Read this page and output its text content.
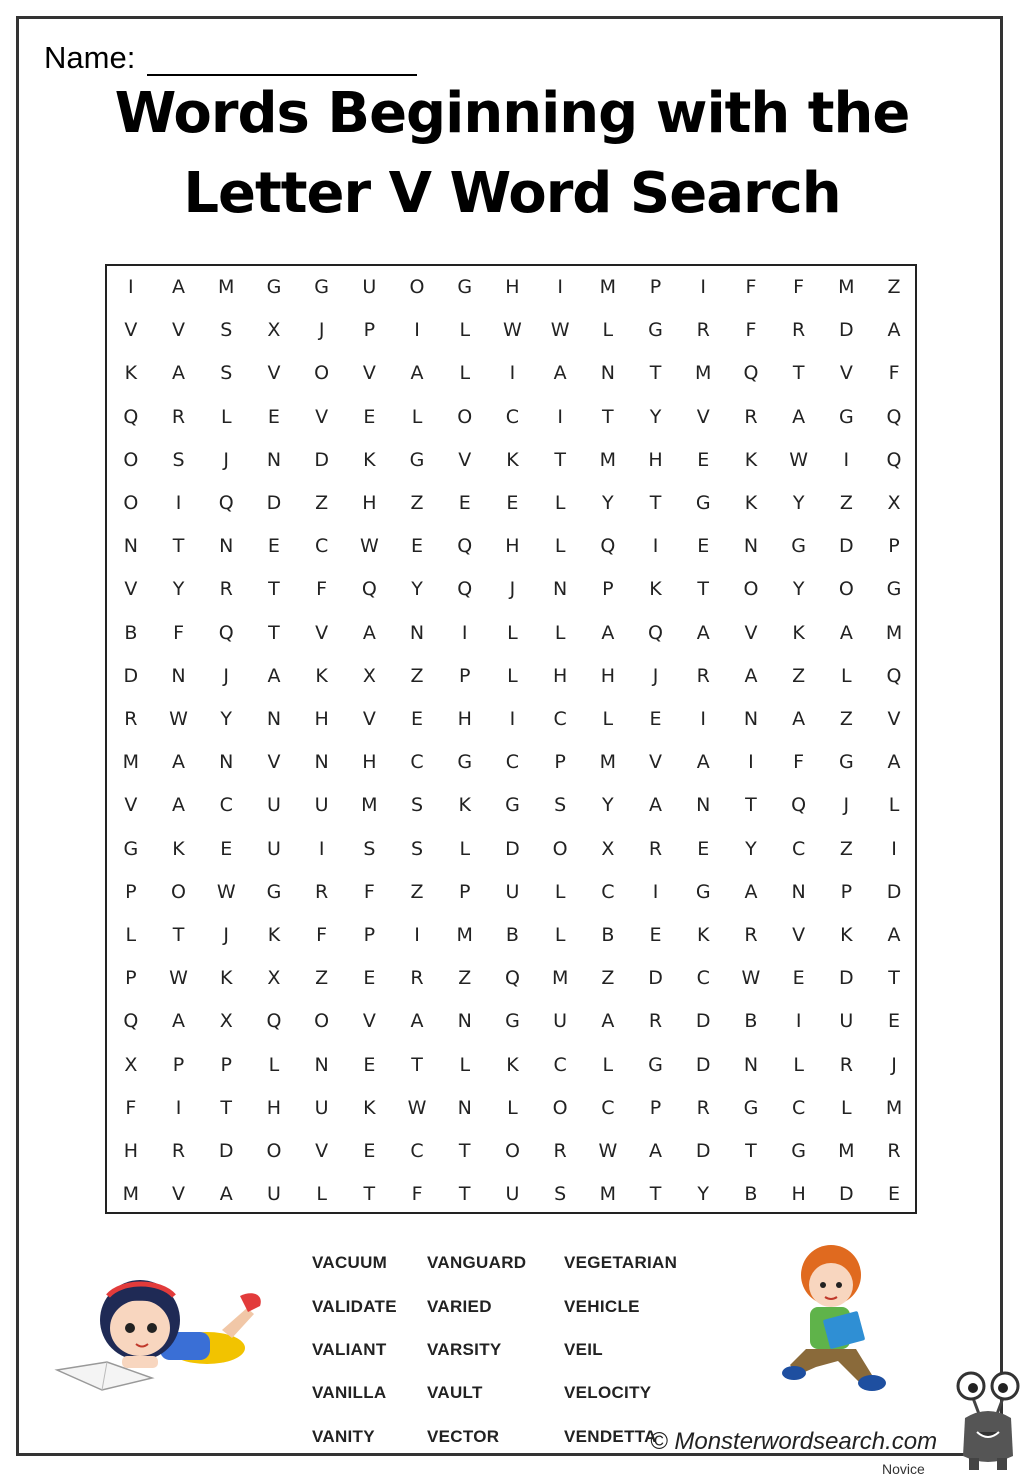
Name:
Words Beginning with the
Letter V Word Search
I	A	M	G	G	U	O	G	H	I	M	P	I	F	F	M	Z
V	V	S	X	J	P	I	L	W	W	L	G	R	F	R	D	A
K	A	S	V	O	V	A	L	I	A	N	T	M	Q	T	V	F
Q	R	L	E	V	E	L	O	C	I	T	Y	V	R	A	G	Q
O	S	J	N	D	K	G	V	K	T	M	H	E	K	W	I	Q
O	I	Q	D	Z	H	Z	E	E	L	Y	T	G	K	Y	Z	X
N	T	N	E	C	W	E	Q	H	L	Q	I	E	N	G	D	P
V	Y	R	T	F	Q	Y	Q	J	N	P	K	T	O	Y	O	G
B	F	Q	T	V	A	N	I	L	L	A	Q	A	V	K	A	M
D	N	J	A	K	X	Z	P	L	H	H	J	R	A	Z	L	Q
R	W	Y	N	H	V	E	H	I	C	L	E	I	N	A	Z	V
M	A	N	V	N	H	C	G	C	P	M	V	A	I	F	G	A
V	A	C	U	U	M	S	K	G	S	Y	A	N	T	Q	J	L
G	K	E	U	I	S	S	L	D	O	X	R	E	Y	C	Z	I
P	O	W	G	R	F	Z	P	U	L	C	I	G	A	N	P	D
L	T	J	K	F	P	I	M	B	L	B	E	K	R	V	K	A
P	W	K	X	Z	E	R	Z	Q	M	Z	D	C	W	E	D	T
Q	A	X	Q	O	V	A	N	G	U	A	R	D	B	I	U	E
X	P	P	L	N	E	T	L	K	C	L	G	D	N	L	R	J
F	I	T	H	U	K	W	N	L	O	C	P	R	G	C	L	M
H	R	D	O	V	E	C	T	O	R	W	A	D	T	G	M	R
M	V	A	U	L	T	F	T	U	S	M	T	Y	B	H	D	E
VACUUM
VALIDATE
VALIANT
VANILLA
VANITY
VANGUARD
VARIED
VARSITY
VAULT
VECTOR
VEGETARIAN
VEHICLE
VEIL
VELOCITY
VENDETTA
© Monsterwordsearch.com
Novice
